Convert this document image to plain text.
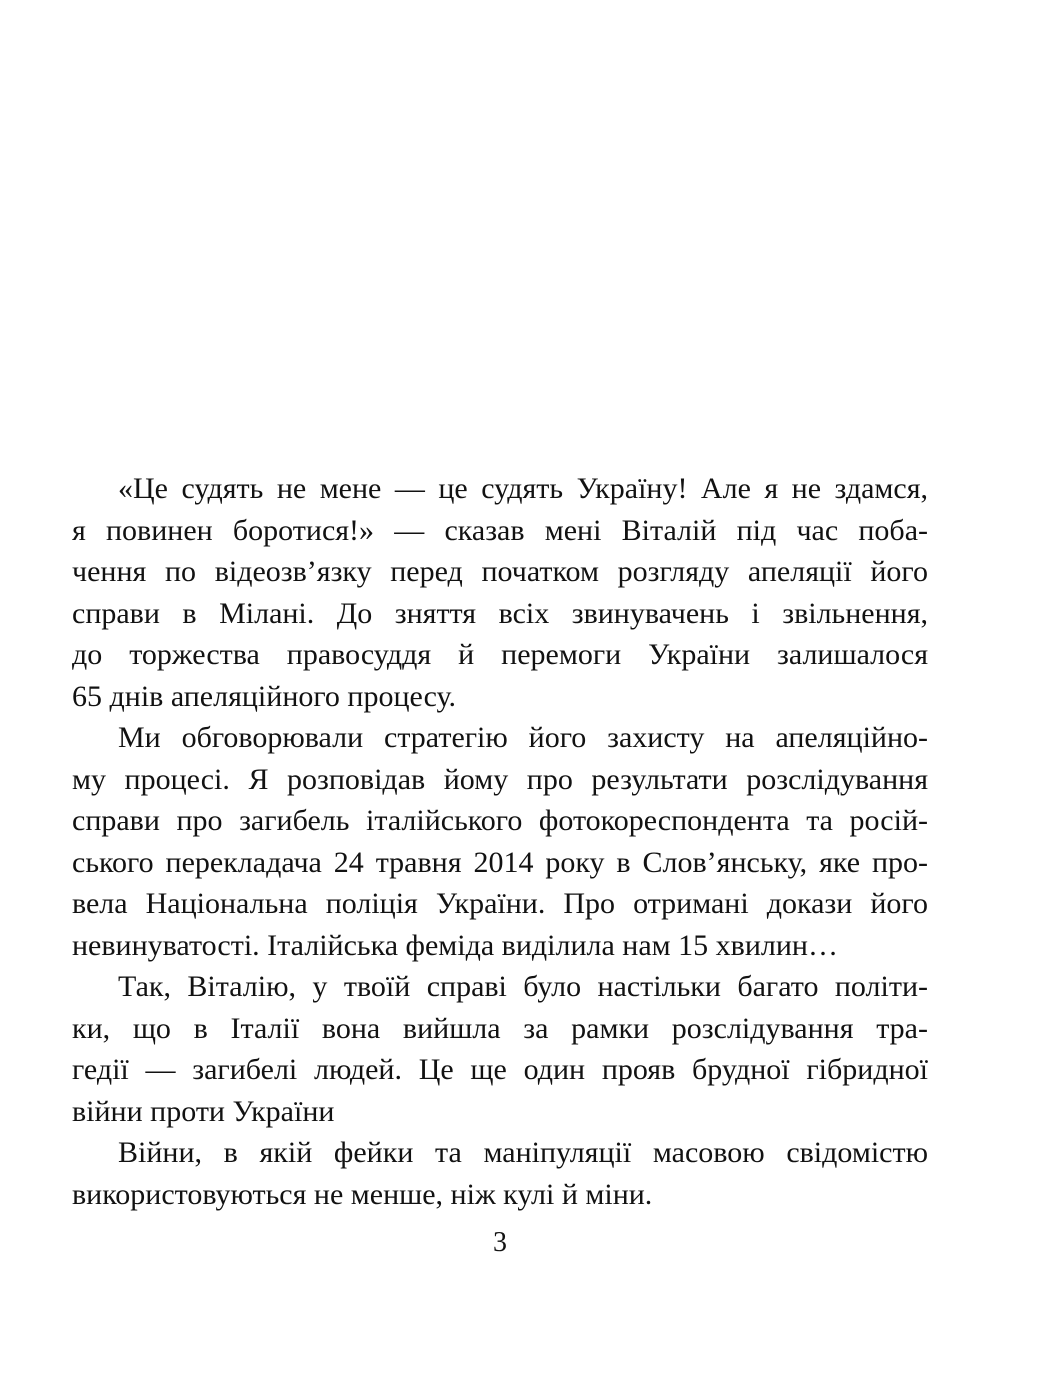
«Це судять не мене — це судять Україну! Але я не здамся,
я повинен боротися!» — сказав мені Віталій під час поба-
чення по відеозв’язку перед початком розгляду апеляції його
справи в Мілані. До зняття всіх звинувачень і звільнення,
до торжества правосуддя й перемоги України залишалося
65 днів апеляційного процесу.
Ми обговорювали стратегію його захисту на апеляційно-
му процесі. Я розповідав йому про результати розслідування
справи про загибель італійського фотокореспондента та росій-
ського перекладача 24 травня 2014 року в Слов’янську, яке про-
вела Національна поліція України. Про отримані докази його
невинуватості. Італійська феміда виділила нам 15 хвилин…
Так, Віталію, у твоїй справі було настільки багато політи-
ки, що в Італії вона вийшла за рамки розслідування тра-
гедії — загибелі людей. Це ще один прояв брудної гібридної
війни проти України
Війни, в якій фейки та маніпуляції масовою свідомістю
використовуються не менше, ніж кулі й міни.
3
